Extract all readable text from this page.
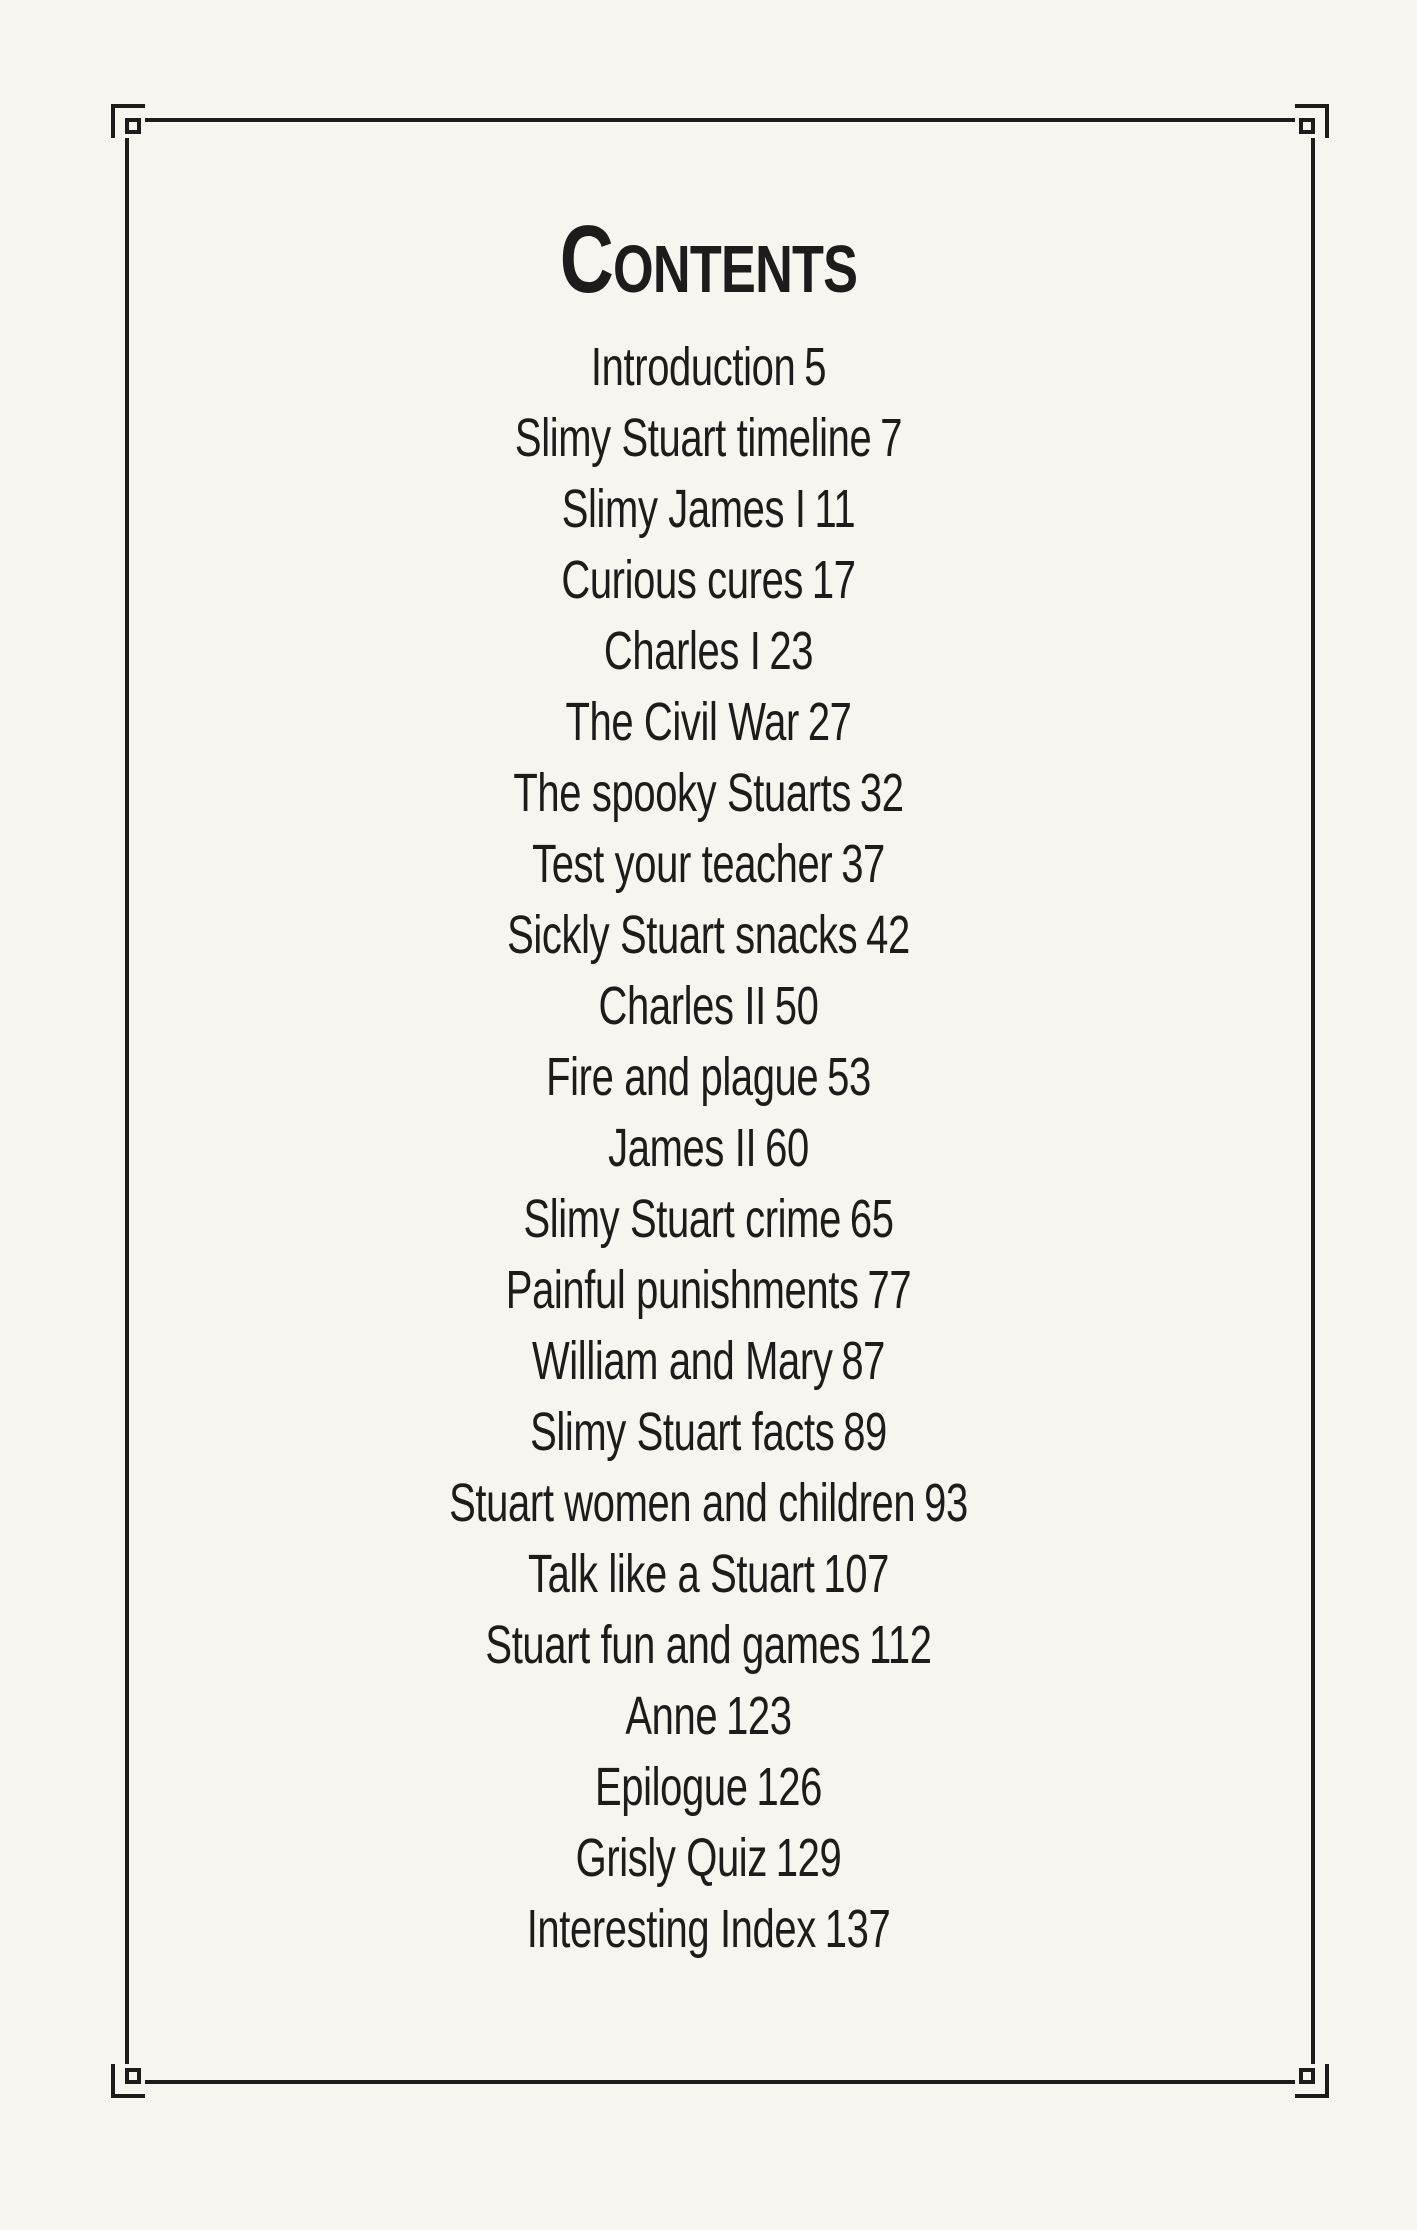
Contents
Introduction 5
Slimy Stuart timeline 7
Slimy James I 11
Curious cures 17
Charles I 23
The Civil War 27
The spooky Stuarts 32
Test your teacher 37
Sickly Stuart snacks 42
Charles II 50
Fire and plague 53
James II 60
Slimy Stuart crime 65
Painful punishments 77
William and Mary 87
Slimy Stuart facts 89
Stuart women and children 93
Talk like a Stuart 107
Stuart fun and games 112
Anne 123
Epilogue 126
Grisly Quiz 129
Interesting Index 137
